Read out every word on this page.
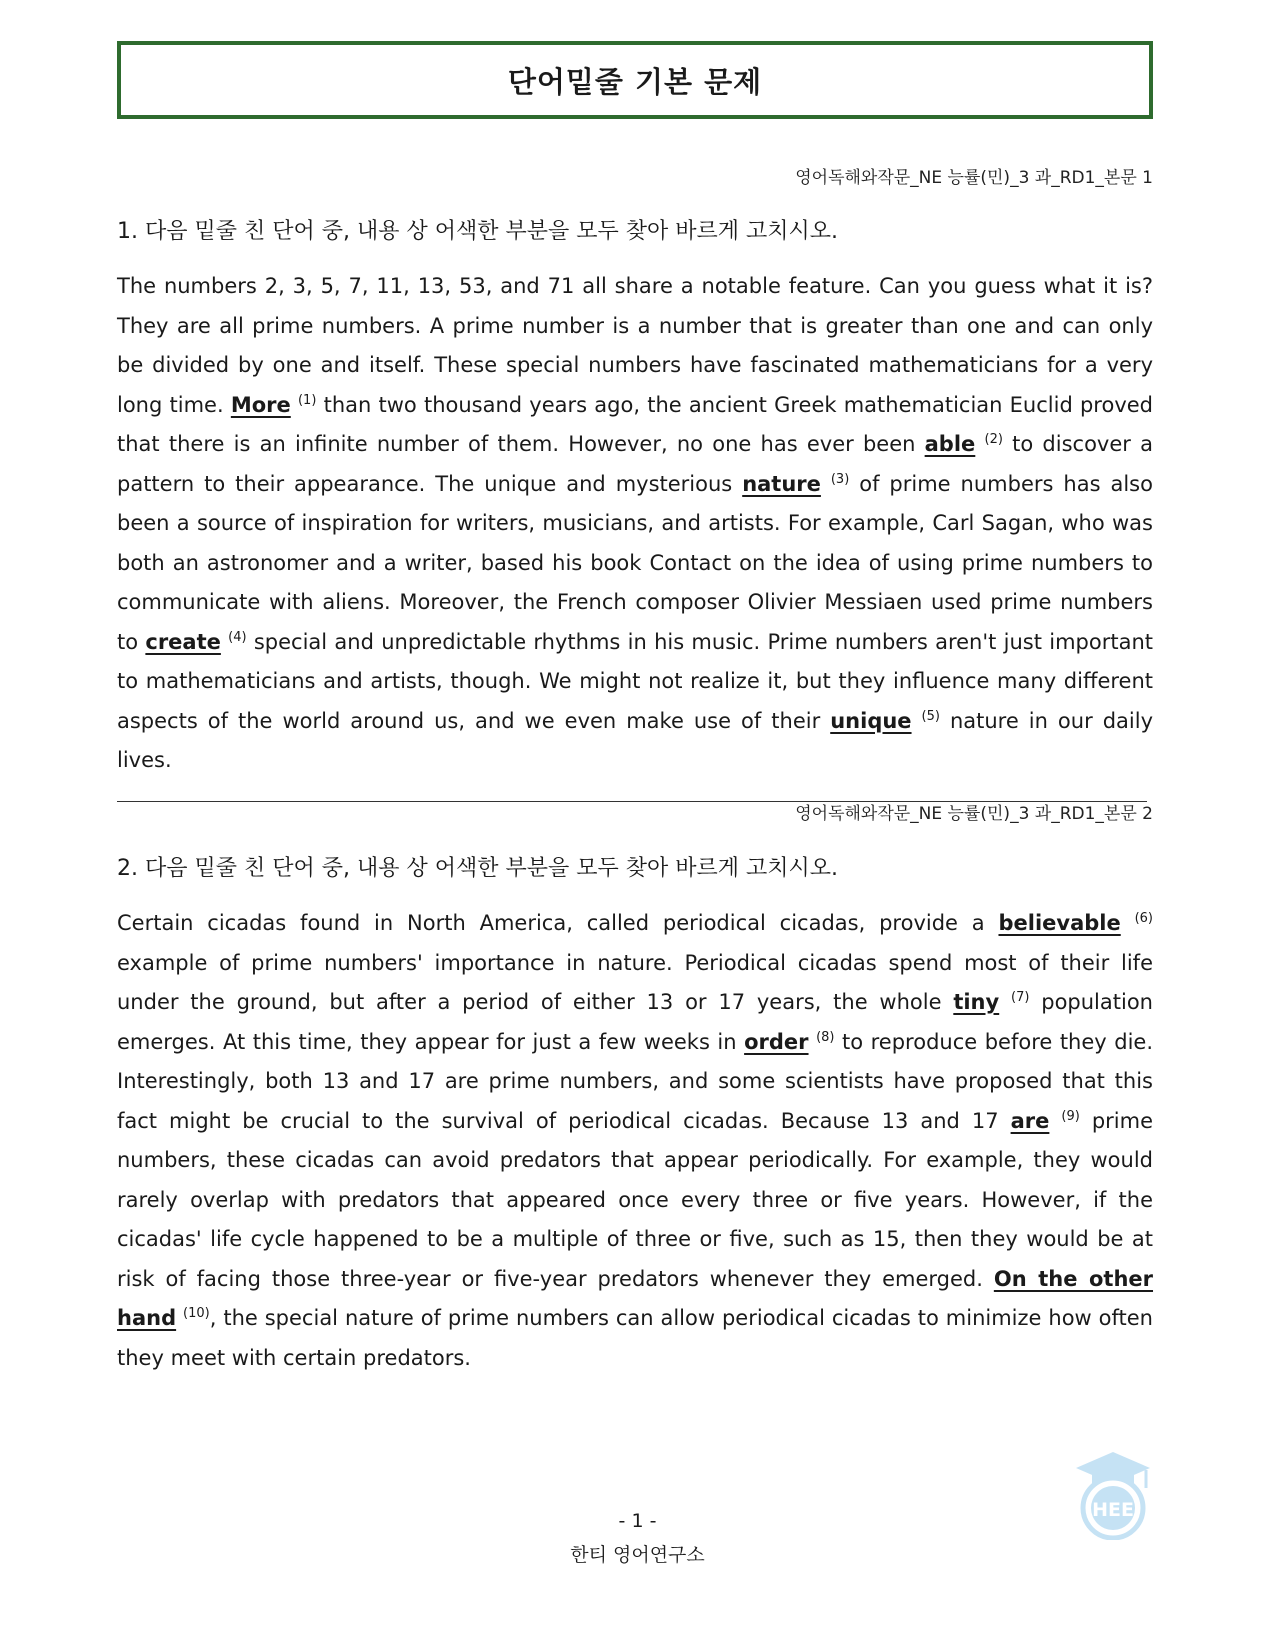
단어밑줄 기본 문제
영어독해와작문_NE 능률(민)_3 과_RD1_본문 1
1. 다음 밑줄 친 단어 중, 내용 상 어색한 부분을 모두 찾아 바르게 고치시오.

The numbers 2, 3, 5, 7, 11, 13, 53, and 71 all share a notable feature. Can you guess what it is? They are all prime numbers. A prime number is a number that is greater than one and can only be divided by one and itself. These special numbers have fascinated mathematicians for a very long time. More $^{(1)}$ than two thousand years ago, the ancient Greek mathematician Euclid proved that there is an infinite number of them. However, no one has ever been able $^{(2)}$ to discover a pattern to their appearance. The unique and mysterious nature $^{(3)}$ of prime numbers has also been a source of inspiration for writers, musicians, and artists. For example, Carl Sagan, who was both an astronomer and a writer, based his book Contact on the idea of using prime numbers to communicate with aliens. Moreover, the French composer Olivier Messiaen used prime numbers to create $^{(4)}$ special and unpredictable rhythms in his music. Prime numbers aren't just important to mathematicians and artists, though. We might not realize it, but they influence many different aspects of the world around us, and we even make use of their unique $^{(5)}$ nature in our daily lives.

영어독해와작문_NE 능률(민)_3 과_RD1_본문 2
2. 다음 밑줄 친 단어 중, 내용 상 어색한 부분을 모두 찾아 바르게 고치시오.

Certain cicadas found in North America, called periodical cicadas, provide a believable $^{(6)}$ example of prime numbers' importance in nature. Periodical cicadas spend most of their life under the ground, but after a period of either 13 or 17 years, the whole tiny $^{(7)}$ population emerges. At this time, they appear for just a few weeks in order $^{(8)}$ to reproduce before they die. Interestingly, both 13 and 17 are prime numbers, and some scientists have proposed that this fact might be crucial to the survival of periodical cicadas. Because 13 and 17 are $^{(9)}$ prime numbers, these cicadas can avoid predators that appear periodically. For example, they would rarely overlap with predators that appeared once every three or five years. However, if the cicadas' life cycle happened to be a multiple of three or five, such as 15, then they would be at risk of facing those three-year or five-year predators whenever they emerged. On the other hand $^{(10)}$, the special nature of prime numbers can allow periodical cicadas to minimize how often they meet with certain predators.

HEE
- 1 -
한티 영어연구소
